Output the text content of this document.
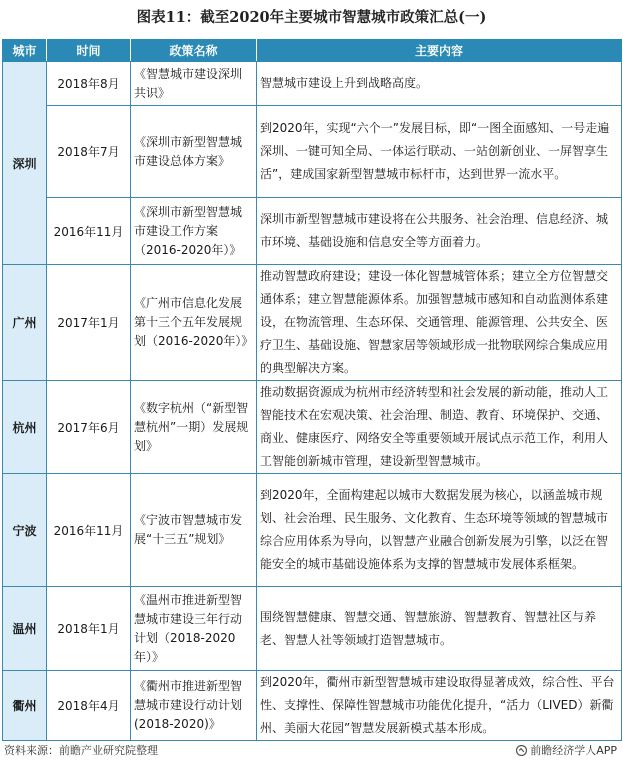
图表11：截至2020年主要城市智慧城市政策汇总(一)
城市	时间	政策名称	主要内容
深圳	2018年8月	《智慧城市建设深圳共识》	智慧城市建设上升到战略高度。
	2018年7月	《深圳市新型智慧城市建设总体方案》	到2020年，实现“六个一”发展目标，即“一图全面感知、一号走遍深圳、一键可知全局、一体运行联动、一站创新创业、一屏智享生活”，建成国家新型智慧城市标杆市，达到世界一流水平。
	2016年11月	《深圳市新型智慧城市建设工作方案（2016-2020年）》	深圳市新型智慧城市建设将在公共服务、社会治理、信息经济、城市环境、基础设施和信息安全等方面着力。
广州	2017年1月	《广州市信息化发展第十三个五年发展规划（2016-2020年）》	推动智慧政府建设；建设一体化智慧城管体系；建立全方位智慧交通体系；建立智慧能源体系。加强智慧城市感知和自动监测体系建设，在物流管理、生态环保、交通管理、能源管理、公共安全、医疗卫生、基础设施、智慧家居等领域形成一批物联网综合集成应用的典型解决方案。
杭州	2017年6月	《数字杭州（“新型智慧杭州”一期）发展规划》	推动数据资源成为杭州市经济转型和社会发展的新动能，推动人工智能技术在宏观决策、社会治理、制造、教育、环境保护、交通、商业、健康医疗、网络安全等重要领域开展试点示范工作，利用人工智能创新城市管理，建设新型智慧城市。
宁波	2016年11月	《宁波市智慧城市发展“十三五”规划》	到2020年，全面构建起以城市大数据发展为核心，以涵盖城市规划、社会治理、民生服务、文化教育、生态环境等领域的智慧城市综合应用体系为导向，以智慧产业融合创新发展为引擎，以泛在智能安全的城市基础设施体系为支撑的智慧城市发展体系框架。
温州	2018年1月	《温州市推进新型智慧城市建设三年行动计划（2018-2020年）》	围绕智慧健康、智慧交通、智慧旅游、智慧教育、智慧社区与养老、智慧人社等领域打造智慧城市。
衢州	2018年4月	《衢州市推进新型智慧城市建设行动计划(2018-2020)》	到2020年，衢州市新型智慧城市建设取得显著成效，综合性、平台性、支撑性、保障性智慧城市功能优化提升，“活力（LIVED）新衢州、美丽大花园”智慧发展新模式基本形成。
资料来源：前瞻产业研究院整理	前瞻经济学人APP
